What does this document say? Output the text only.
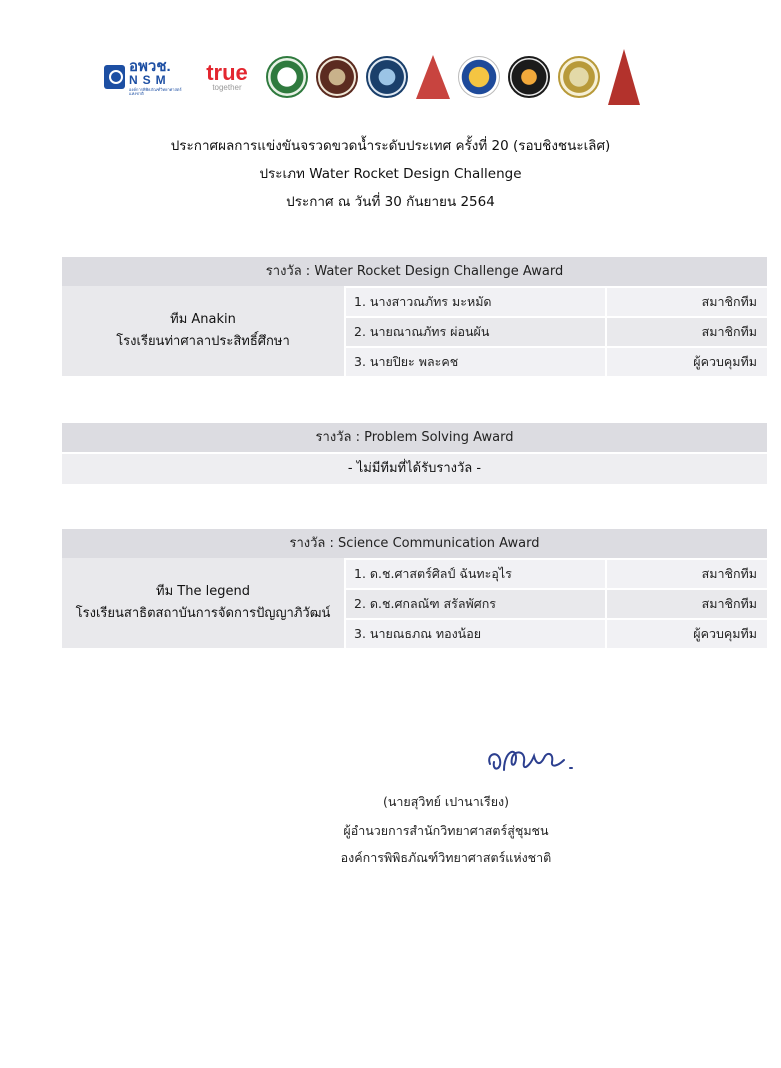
อพวช.
NSM
องค์การพิพิธภัณฑ์วิทยาศาสตร์แห่งชาติ
true
together
ประกาศผลการแข่งขันจรวดขวดน้ำระดับประเทศ ครั้งที่ 20 (รอบชิงชนะเลิศ)
ประเภท Water Rocket Design Challenge
ประกาศ ณ วันที่ 30 กันยายน 2564
รางวัล : Water Rocket Design Challenge Award
ทีม Anakin
โรงเรียนท่าศาลาประสิทธิ์ศึกษา
1. นางสาวณภัทร มะหมัด	สมาชิกทีม
2. นายณาณภัทร ผ่อนผัน	สมาชิกทีม
3. นายปิยะ พละคช	ผู้ควบคุมทีม
รางวัล : Problem Solving Award
- ไม่มีทีมที่ได้รับรางวัล -
รางวัล : Science Communication Award
ทีม The legend
โรงเรียนสาธิตสถาบันการจัดการปัญญาภิวัฒน์
1. ด.ช.ศาสตร์ศิลป์ ฉันทะอุไร	สมาชิกทีม
2. ด.ช.ศกลณัฑ สรัลพัศกร	สมาชิกทีม
3. นายณธภณ ทองน้อย	ผู้ควบคุมทีม
(นายสุวิทย์ เปานาเรียง)
ผู้อำนวยการสำนักวิทยาศาสตร์สู่ชุมชน
องค์การพิพิธภัณฑ์วิทยาศาสตร์แห่งชาติ
